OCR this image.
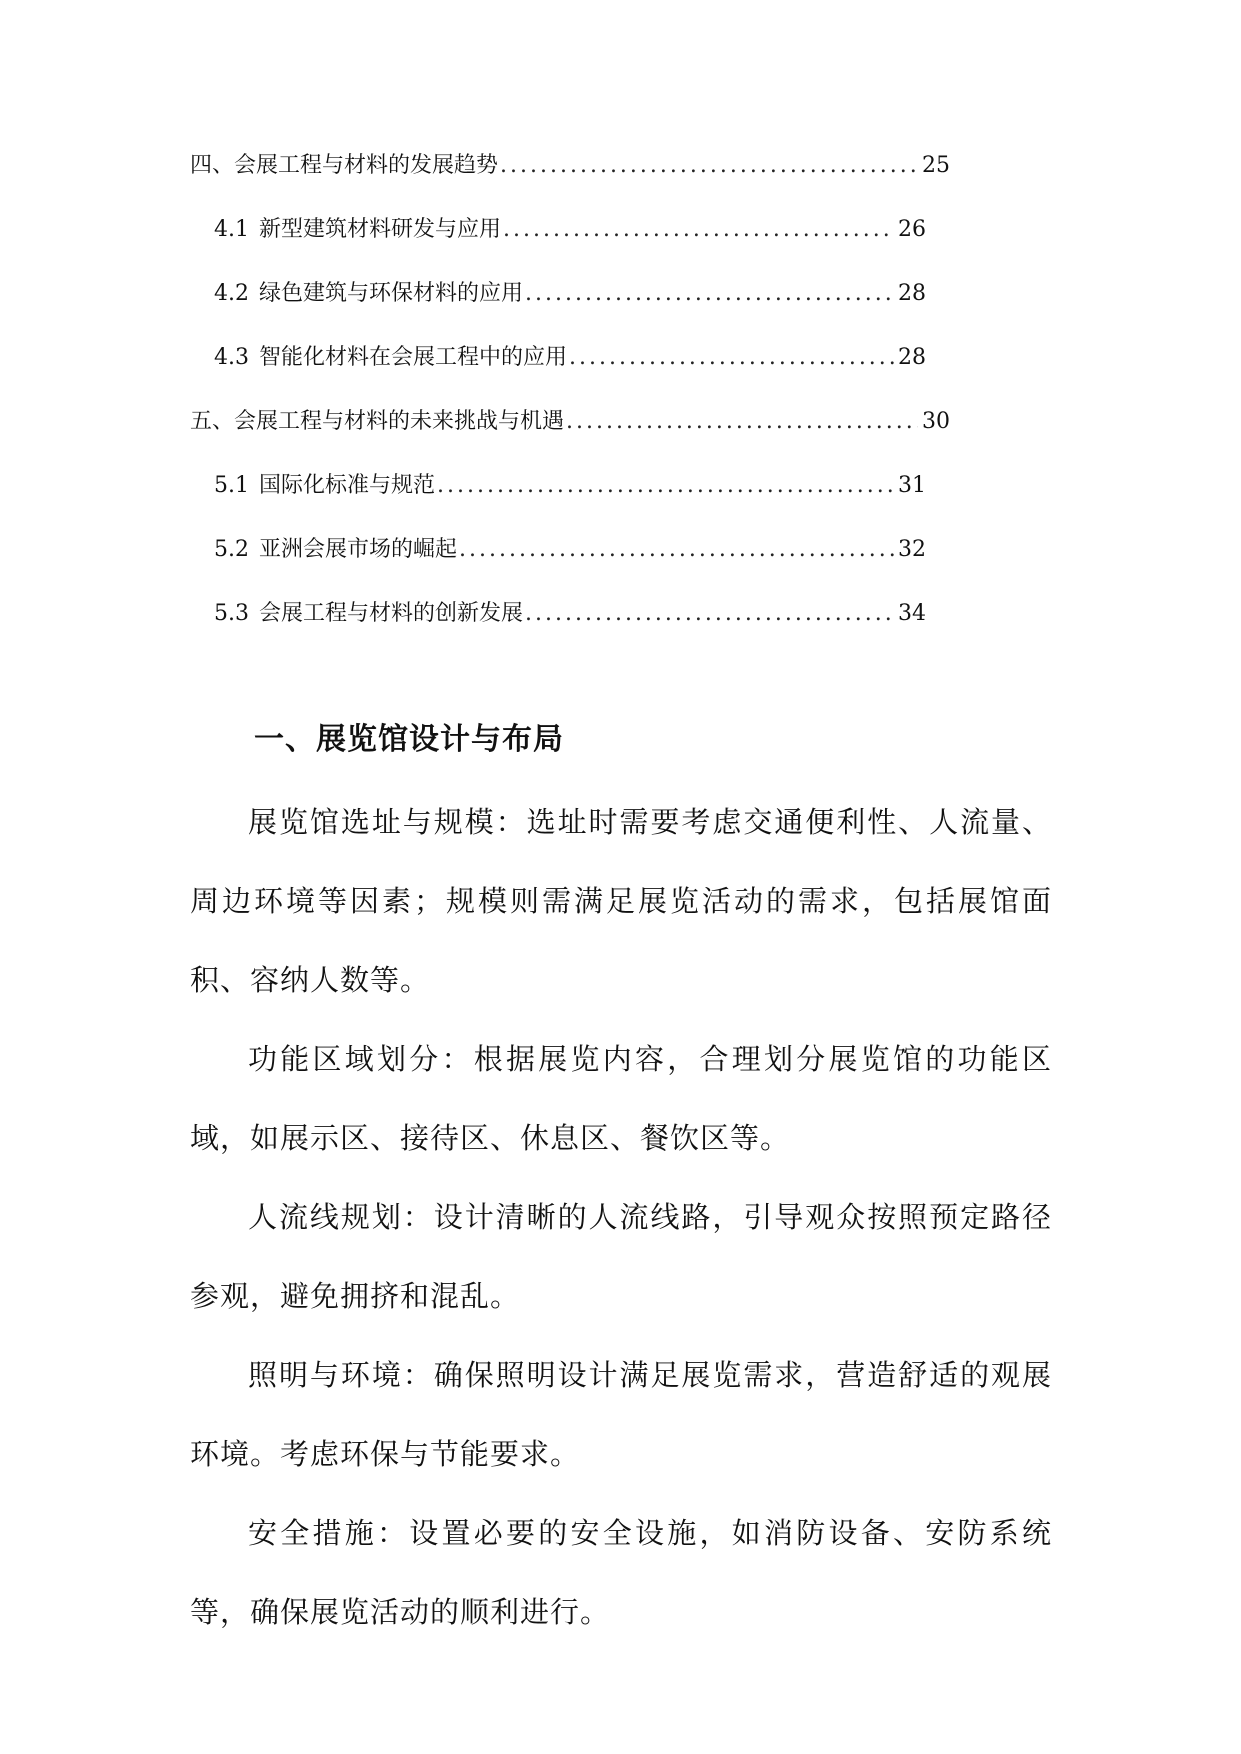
四、会展工程与材料的发展趋势 .....	25
4.1 新型建筑材料研发与应用 .....	26
4.2 绿色建筑与环保材料的应用 .....	28
4.3 智能化材料在会展工程中的应用 .....	28
五、会展工程与材料的未来挑战与机遇 .....	30
5.1 国际化标准与规范 .....	31
5.2 亚洲会展市场的崛起 .....	32
5.3 会展工程与材料的创新发展 .....	34
一、展览馆设计与布局

展览馆选址与规模：选址时需要考虑交通便利性、人流量、周边环境等因素；规模则需满足展览活动的需求，包括展馆面积、容纳人数等。

功能区域划分：根据展览内容，合理划分展览馆的功能区域，如展示区、接待区、休息区、餐饮区等。

人流线规划：设计清晰的人流线路，引导观众按照预定路径参观，避免拥挤和混乱。

照明与环境：确保照明设计满足展览需求，营造舒适的观展环境。考虑环保与节能要求。

安全措施：设置必要的安全设施，如消防设备、安防系统等，确保展览活动的顺利进行。
